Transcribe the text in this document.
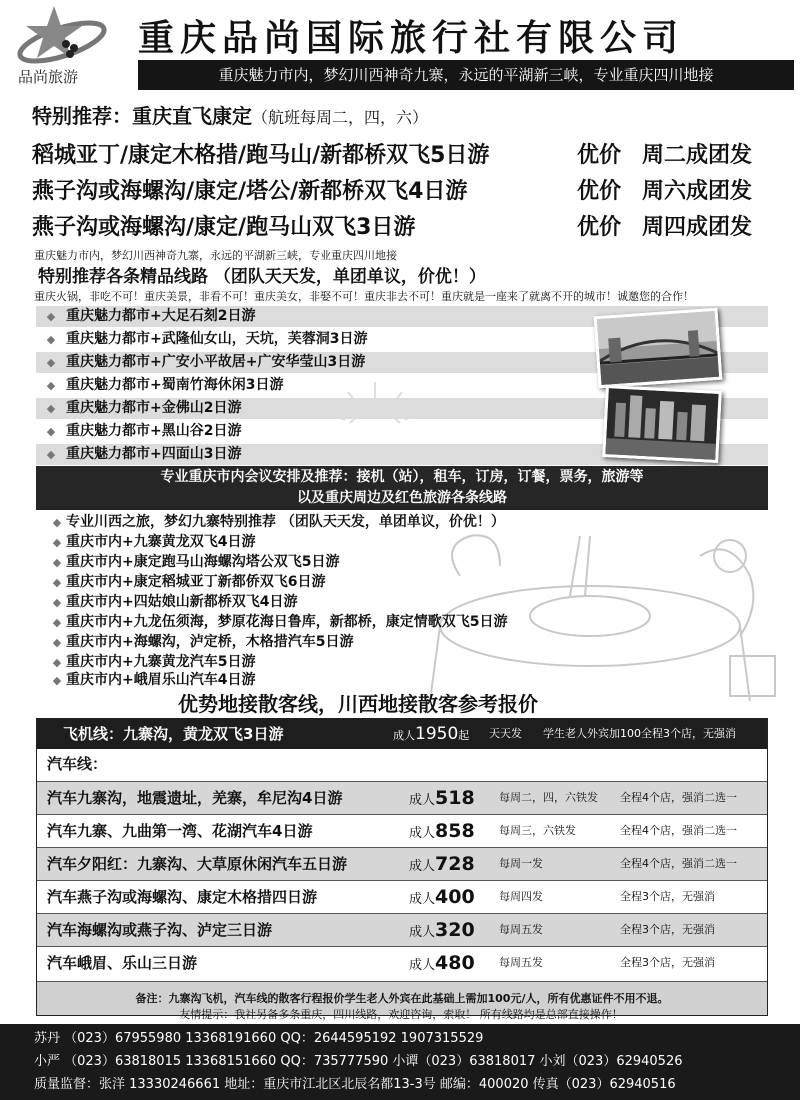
品尚旅游
重庆品尚国际旅行社有限公司
重庆魅力市内，梦幻川西神奇九寨，永远的平湖新三峡，专业重庆四川地接
特别推荐：重庆直飞康定（航班每周二，四，六）
稻城亚丁/康定木格措/跑马山/新都桥双飞5日游	优价 周二成团发
燕子沟或海螺沟/康定/塔公/新都桥双飞4日游	优价 周六成团发
燕子沟或海螺沟/康定/跑马山双飞3日游	优价 周四成团发
重庆魅力市内，梦幻川西神奇九寨，永远的平湖新三峡，专业重庆四川地接
特别推荐各条精品线路 （团队天天发，单团单议，价优！）
重庆火锅，非吃不可！重庆美景，非看不可！重庆美女，非娶不可！重庆非去不可！重庆就是一座来了就离不开的城市！诚邀您的合作！
◆ 重庆魅力都市+大足石刻2日游
◆ 重庆魅力都市+武隆仙女山，天坑，芙蓉洞3日游
◆ 重庆魅力都市+广安小平故居+广安华莹山3日游
◆ 重庆魅力都市+蜀南竹海休闲3日游
◆ 重庆魅力都市+金佛山2日游
◆ 重庆魅力都市+黑山谷2日游
◆ 重庆魅力都市+四面山3日游
专业重庆市内会议安排及推荐：接机（站），租车，订房，订餐，票务，旅游等
以及重庆周边及红色旅游各条线路
◆ 专业川西之旅，梦幻九寨特别推荐 （团队天天发，单团单议，价优！）
◆ 重庆市内+九寨黄龙双飞4日游
◆ 重庆市内+康定跑马山海螺沟塔公双飞5日游
◆ 重庆市内+康定稻城亚丁新都侨双飞6日游
◆ 重庆市内+四姑娘山新都桥双飞4日游
◆ 重庆市内+九龙伍须海，梦原花海日鲁库，新都桥，康定情歌双飞5日游
◆ 重庆市内+海螺沟，泸定桥，木格措汽车5日游
◆ 重庆市内+九寨黄龙汽车5日游
◆ 重庆市内+峨眉乐山汽车4日游
优势地接散客线，川西地接散客参考报价
飞机线：九寨沟，黄龙双飞3日游	成人1950起 天天发 学生老人外宾加100全程3个店，无强消
汽车线：
汽车九寨沟，地震遗址，羌寨，牟尼沟4日游	成人518 每周二，四，六铁发 全程4个店，强消二选一
汽车九寨、九曲第一湾、花湖汽车4日游	成人858 每周三，六铁发	全程4个店，强消二选一
汽车夕阳红：九寨沟、大草原休闲汽车五日游	成人728 每周一发	全程4个店，强消二选一
汽车燕子沟或海螺沟、康定木格措四日游	成人400 每周四发	全程3个店，无强消
汽车海螺沟或燕子沟、泸定三日游	成人320 每周五发	全程3个店，无强消
汽车峨眉、乐山三日游	成人480 每周五发	全程3个店，无强消
备注：九寨沟飞机，汽车线的散客行程报价学生老人外宾在此基础上需加100元/人，所有优惠证件不用不退。
友情提示：我社另备多条重庆，四川线路，欢迎咨询，索取！ 所有线路均是总部直接操作！
苏丹 （023）67955980 13368191660 QQ：2644595192 1907315529
小严 （023）63818015 13368151660 QQ：735777590 小谭（023）63818017 小刘（023）62940526
质量监督：张洋 13330246661 地址：重庆市江北区北辰名都13-3号 邮编：400020 传真（023）62940516
